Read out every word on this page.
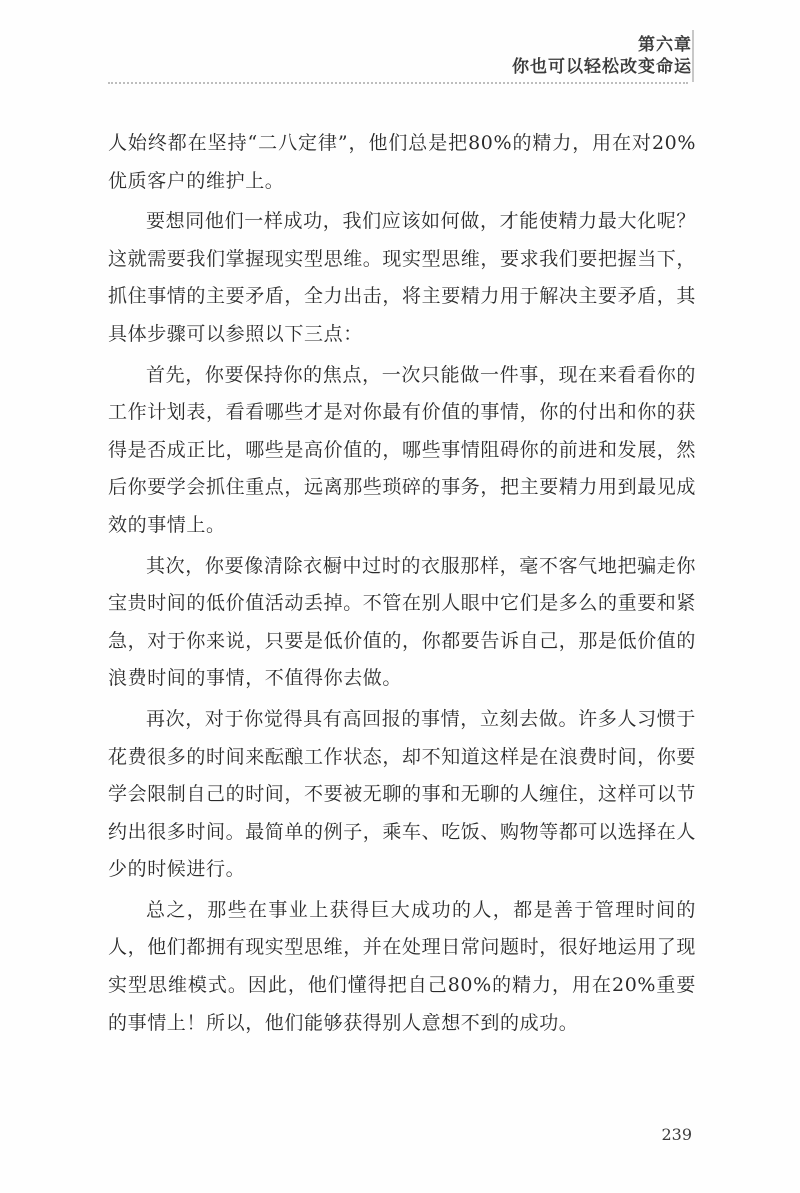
第六章
你也可以轻松改变命运

人始终都在坚持“二八定律”，他们总是把80%的精力，用在对20%优质客户的维护上。

要想同他们一样成功，我们应该如何做，才能使精力最大化呢？这就需要我们掌握现实型思维。现实型思维，要求我们要把握当下，抓住事情的主要矛盾，全力出击，将主要精力用于解决主要矛盾，其具体步骤可以参照以下三点：

首先，你要保持你的焦点，一次只能做一件事，现在来看看你的工作计划表，看看哪些才是对你最有价值的事情，你的付出和你的获得是否成正比，哪些是高价值的，哪些事情阻碍你的前进和发展，然后你要学会抓住重点，远离那些琐碎的事务，把主要精力用到最见成效的事情上。

其次，你要像清除衣橱中过时的衣服那样，毫不客气地把骗走你宝贵时间的低价值活动丢掉。不管在别人眼中它们是多么的重要和紧急，对于你来说，只要是低价值的，你都要告诉自己，那是低价值的浪费时间的事情，不值得你去做。

再次，对于你觉得具有高回报的事情，立刻去做。许多人习惯于花费很多的时间来酝酿工作状态，却不知道这样是在浪费时间，你要学会限制自己的时间，不要被无聊的事和无聊的人缠住，这样可以节约出很多时间。最简单的例子，乘车、吃饭、购物等都可以选择在人少的时候进行。

总之，那些在事业上获得巨大成功的人，都是善于管理时间的人，他们都拥有现实型思维，并在处理日常问题时，很好地运用了现实型思维模式。因此，他们懂得把自己80%的精力，用在20%重要的事情上！所以，他们能够获得别人意想不到的成功。

239
